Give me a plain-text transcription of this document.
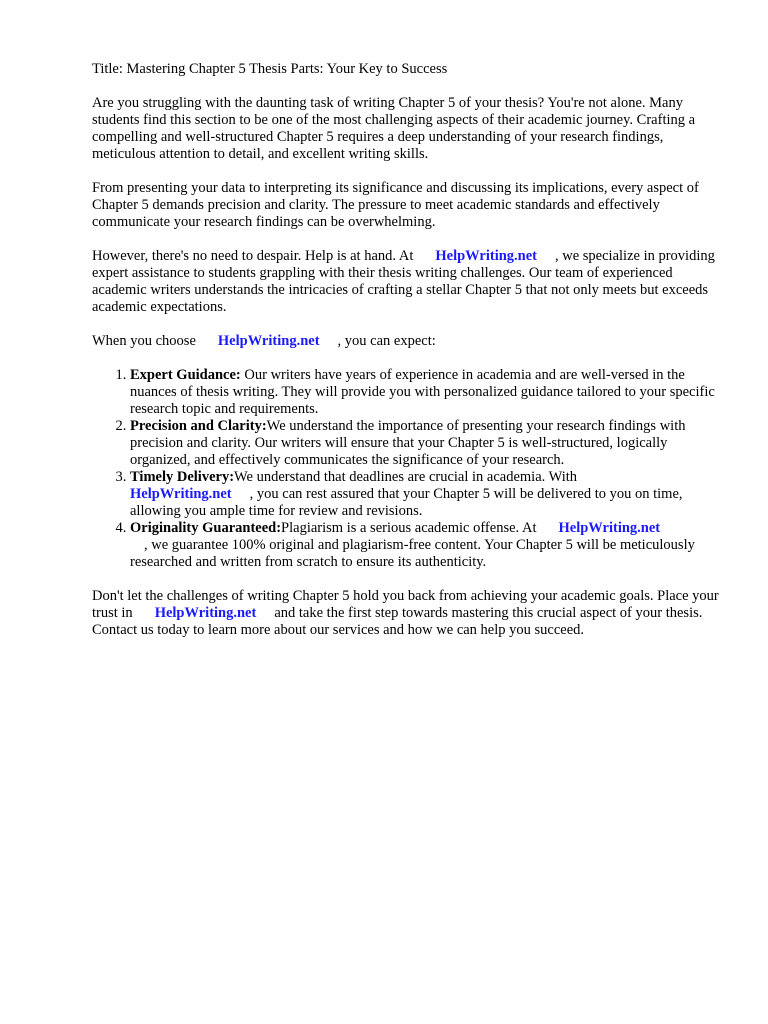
Title: Mastering Chapter 5 Thesis Parts: Your Key to Success

Are you struggling with the daunting task of writing Chapter 5 of your thesis? You're not alone. Many students find this section to be one of the most challenging aspects of their academic journey. Crafting a compelling and well-structured Chapter 5 requires a deep understanding of your research findings, meticulous attention to detail, and excellent writing skills.

From presenting your data to interpreting its significance and discussing its implications, every aspect of Chapter 5 demands precision and clarity. The pressure to meet academic standards and effectively communicate your research findings can be overwhelming.

However, there's no need to despair. Help is at hand. At HelpWriting.net , we specialize in providing expert assistance to students grappling with their thesis writing challenges. Our team of experienced academic writers understands the intricacies of crafting a stellar Chapter 5 that not only meets but exceeds academic expectations.

When you choose HelpWriting.net , you can expect:

1. Expert Guidance: Our writers have years of experience in academia and are well-versed in the nuances of thesis writing. They will provide you with personalized guidance tailored to your specific research topic and requirements.
2. Precision and Clarity:We understand the importance of presenting your research findings with precision and clarity. Our writers will ensure that your Chapter 5 is well-structured, logically organized, and effectively communicates the significance of your research.
3. Timely Delivery:We understand that deadlines are crucial in academia. With
HelpWriting.net , you can rest assured that your Chapter 5 will be delivered to you on time, allowing you ample time for review and revisions.
4. Originality Guaranteed:Plagiarism is a serious academic offense. At HelpWriting.net
, we guarantee 100% original and plagiarism-free content. Your Chapter 5 will be meticulously researched and written from scratch to ensure its authenticity.

Don't let the challenges of writing Chapter 5 hold you back from achieving your academic goals. Place your trust in HelpWriting.net and take the first step towards mastering this crucial aspect of your thesis. Contact us today to learn more about our services and how we can help you succeed.
